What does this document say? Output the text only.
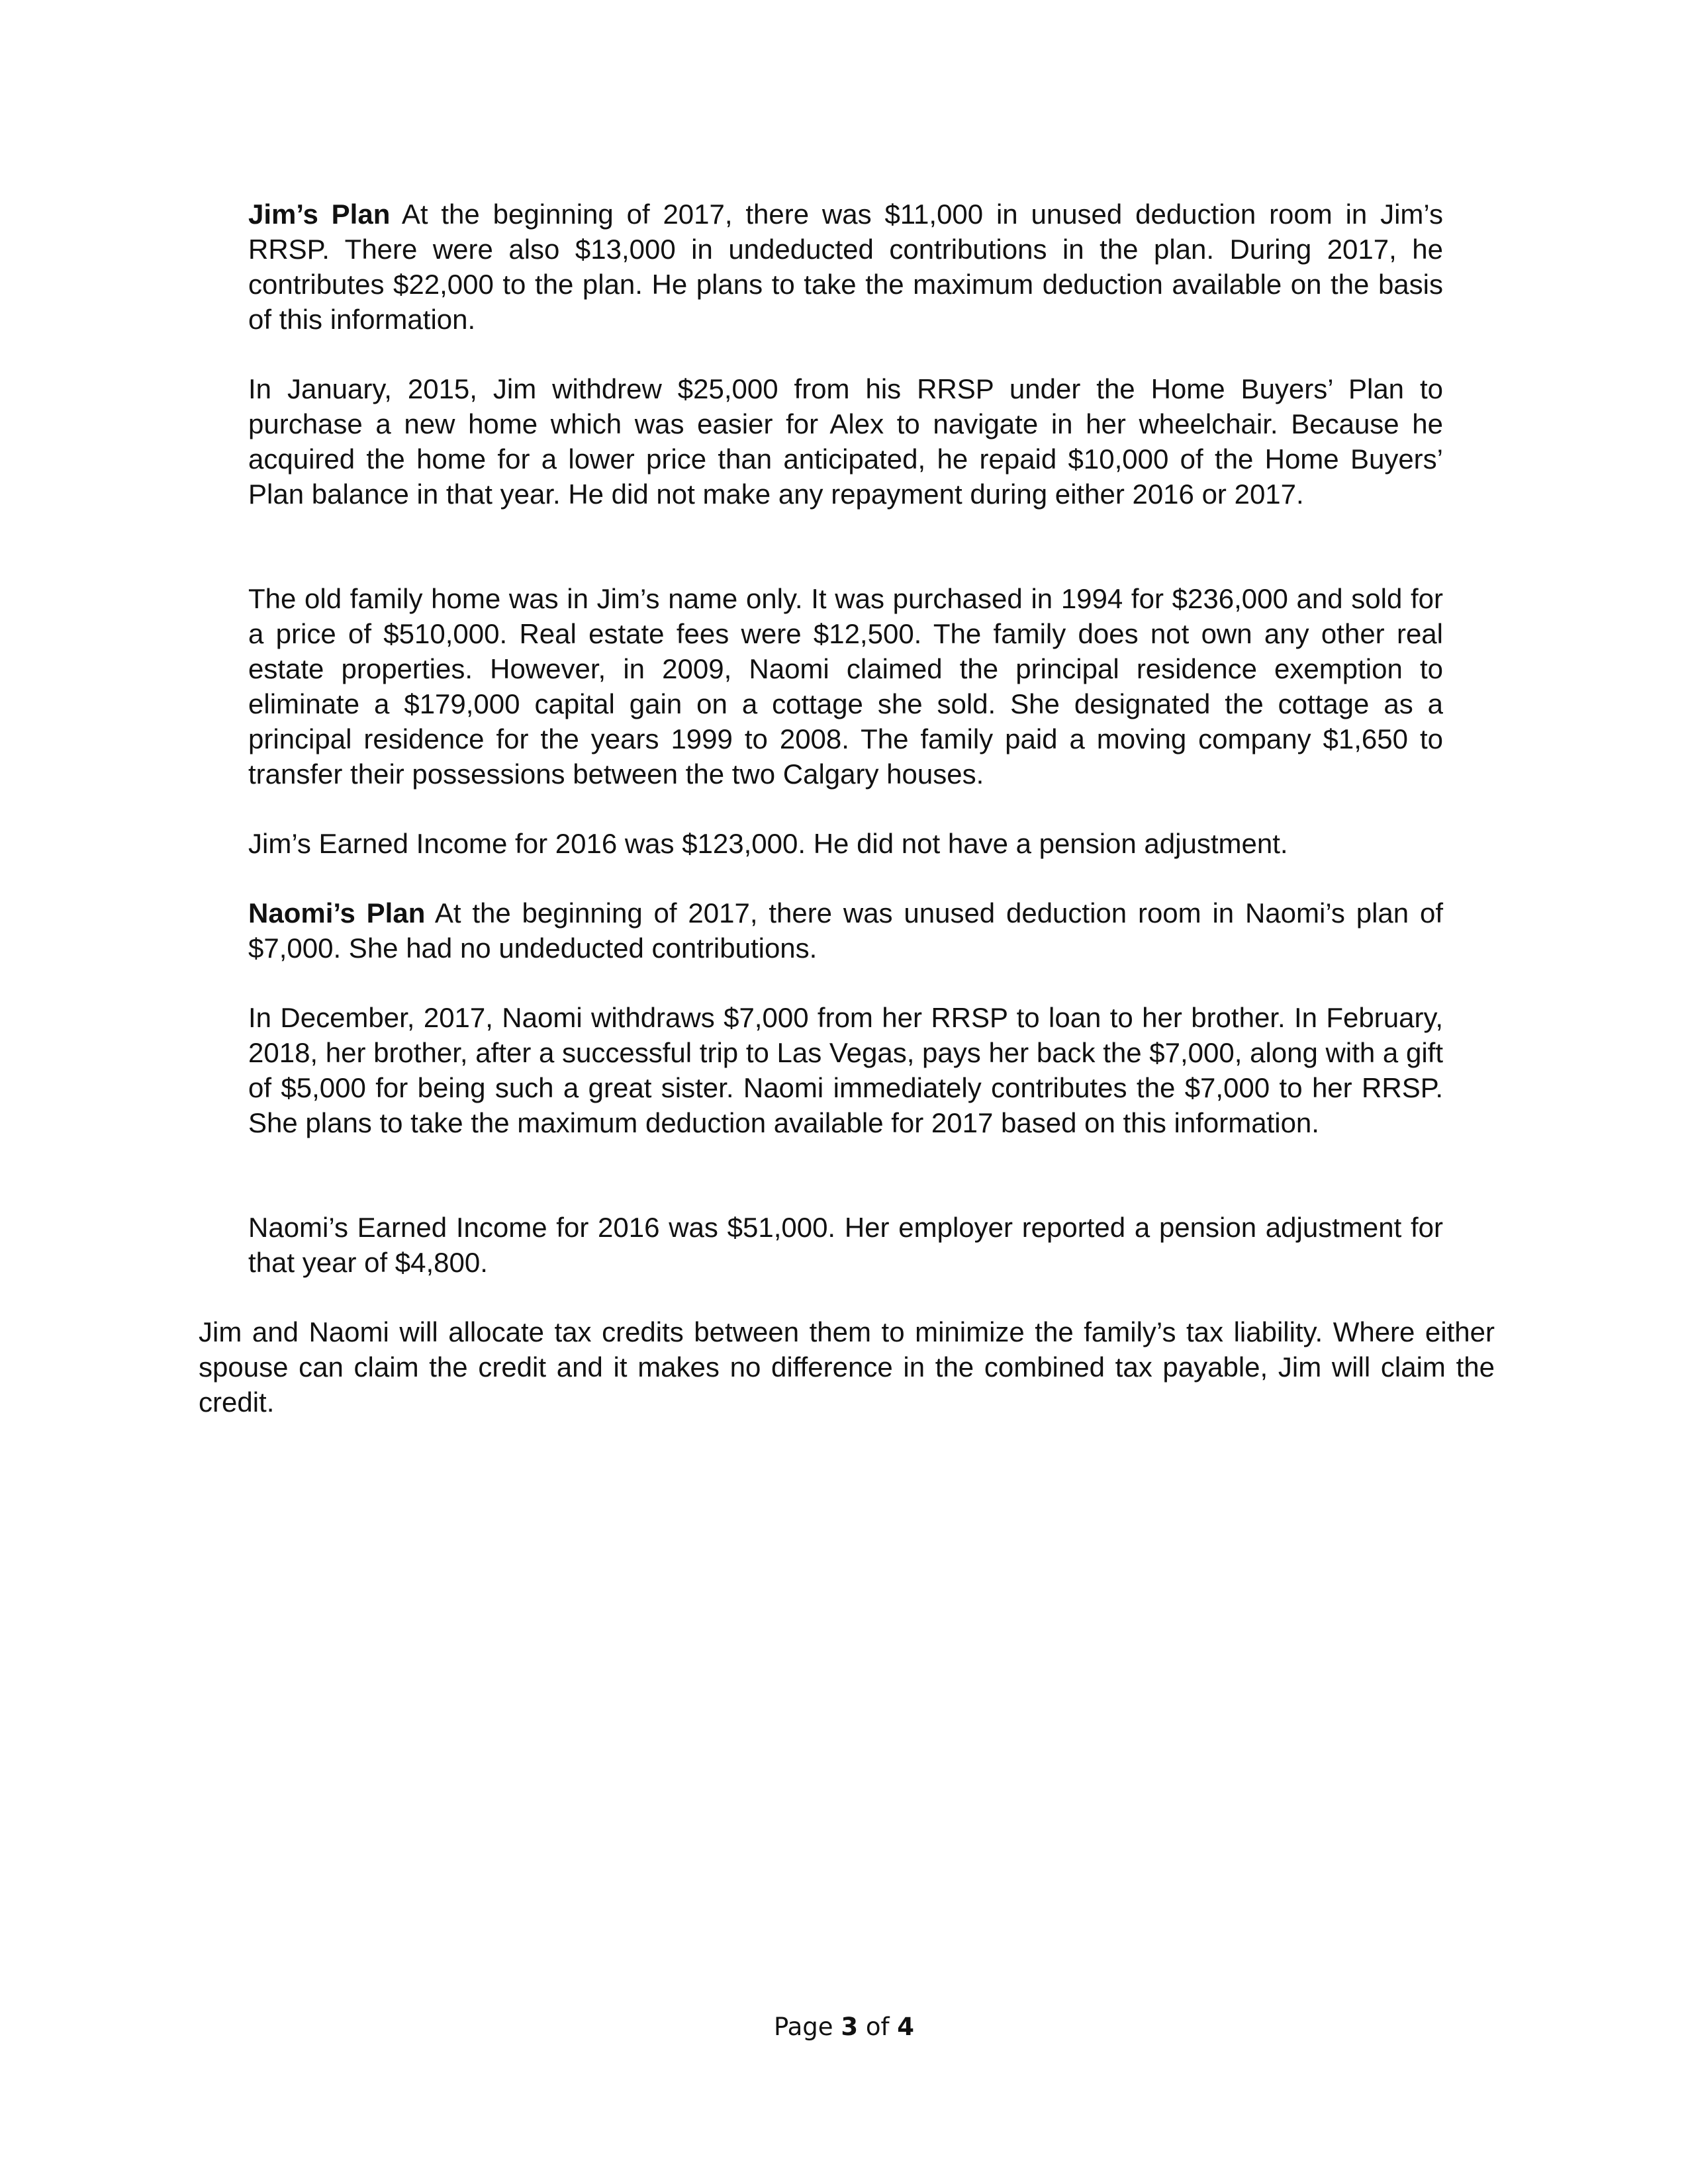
Jim’s Plan At the beginning of 2017, there was $11,000 in unused deduction room in Jim’s RRSP. There were also $13,000 in undeducted contributions in the plan. During 2017, he contributes $22,000 to the plan. He plans to take the maximum deduction available on the basis of this information.

In January, 2015, Jim withdrew $25,000 from his RRSP under the Home Buyers’ Plan to purchase a new home which was easier for Alex to navigate in her wheelchair. Because he acquired the home for a lower price than anticipated, he repaid $10,000 of the Home Buyers’ Plan balance in that year. He did not make any repayment during either 2016 or 2017.

The old family home was in Jim’s name only. It was purchased in 1994 for $236,000 and sold for a price of $510,000. Real estate fees were $12,500. The family does not own any other real estate properties. However, in 2009, Naomi claimed the principal residence exemption to eliminate a $179,000 capital gain on a cottage she sold. She designated the cottage as a principal residence for the years 1999 to 2008. The family paid a moving company $1,650 to transfer their possessions between the two Calgary houses.

Jim’s Earned Income for 2016 was $123,000. He did not have a pension adjustment.

Naomi’s Plan At the beginning of 2017, there was unused deduction room in Naomi’s plan of $7,000. She had no undeducted contributions.

In December, 2017, Naomi withdraws $7,000 from her RRSP to loan to her brother. In February, 2018, her brother, after a successful trip to Las Vegas, pays her back the $7,000, along with a gift of $5,000 for being such a great sister. Naomi immediately contributes the $7,000 to her RRSP. She plans to take the maximum deduction available for 2017 based on this information.

Naomi’s Earned Income for 2016 was $51,000. Her employer reported a pension adjustment for that year of $4,800.

Jim and Naomi will allocate tax credits between them to minimize the family’s tax liability. Where either spouse can claim the credit and it makes no difference in the combined tax payable, Jim will claim the credit.

Page 3 of 4
